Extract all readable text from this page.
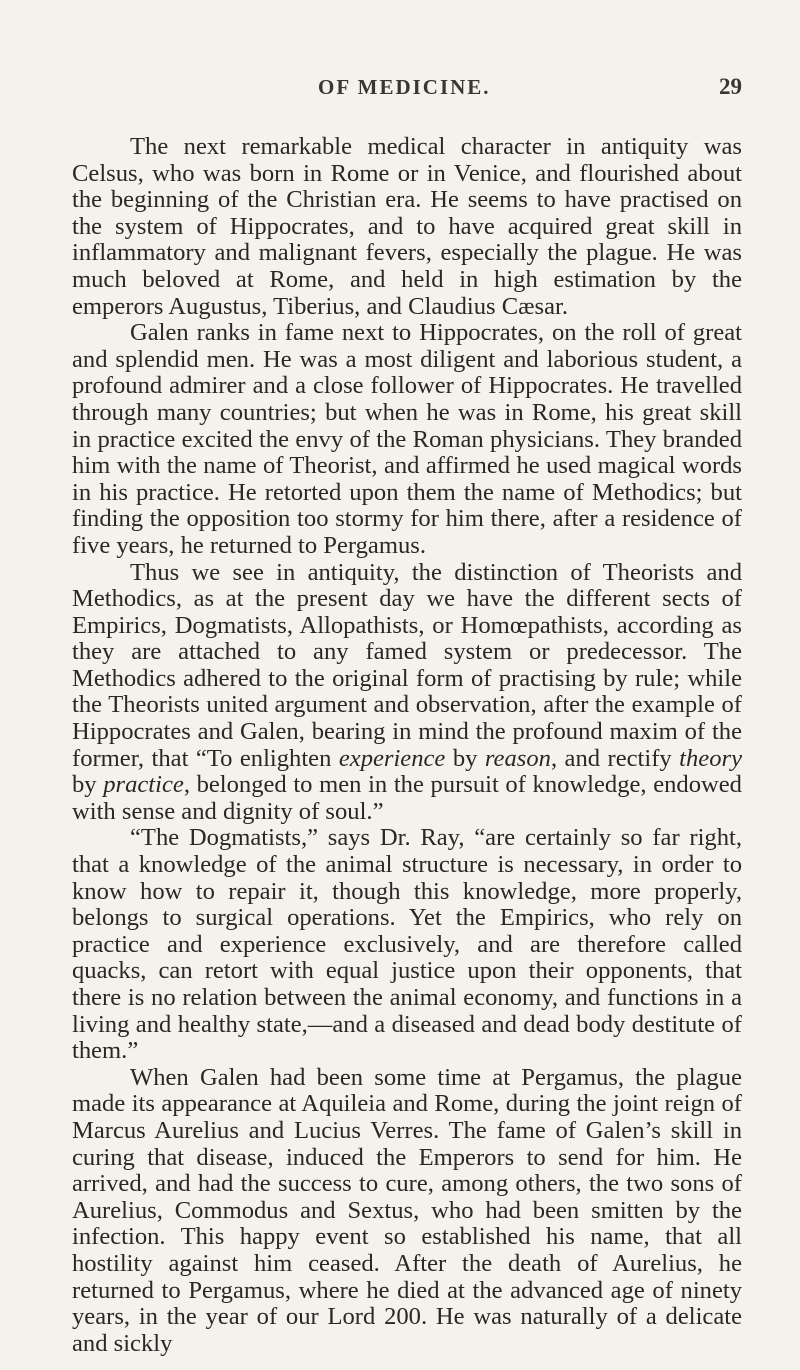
OF MEDICINE.	29

The next remarkable medical character in antiquity was Celsus, who was born in Rome or in Venice, and flourished about the beginning of the Christian era. He seems to have practised on the system of Hippocrates, and to have acquired great skill in inflammatory and malignant fevers, especially the plague. He was much beloved at Rome, and held in high estimation by the emperors Augustus, Tiberius, and Claudius Cæsar.

Galen ranks in fame next to Hippocrates, on the roll of great and splendid men. He was a most diligent and laborious student, a profound admirer and a close follower of Hippocrates. He travelled through many countries; but when he was in Rome, his great skill in practice excited the envy of the Roman physicians. They branded him with the name of Theorist, and affirmed he used magical words in his practice. He retorted upon them the name of Methodics; but finding the opposition too stormy for him there, after a residence of five years, he returned to Pergamus.

Thus we see in antiquity, the distinction of Theorists and Methodics, as at the present day we have the different sects of Empirics, Dogmatists, Allopathists, or Homœpathists, according as they are attached to any famed system or predecessor. The Methodics adhered to the original form of practising by rule; while the Theorists united argument and observation, after the example of Hippocrates and Galen, bearing in mind the profound maxim of the former, that “To enlighten experience by reason, and rectify theory by practice, belonged to men in the pursuit of knowledge, endowed with sense and dignity of soul.”

“The Dogmatists,” says Dr. Ray, “are certainly so far right, that a knowledge of the animal structure is necessary, in order to know how to repair it, though this knowledge, more properly, belongs to surgical operations. Yet the Empirics, who rely on practice and experience exclusively, and are therefore called quacks, can retort with equal justice upon their opponents, that there is no relation between the animal economy, and functions in a living and healthy state,—and a diseased and dead body destitute of them.”

When Galen had been some time at Pergamus, the plague made its appearance at Aquileia and Rome, during the joint reign of Marcus Aurelius and Lucius Verres. The fame of Galen’s skill in curing that disease, induced the Emperors to send for him. He arrived, and had the success to cure, among others, the two sons of Aurelius, Commodus and Sextus, who had been smitten by the infection. This happy event so established his name, that all hostility against him ceased. After the death of Aurelius, he returned to Pergamus, where he died at the advanced age of ninety years, in the year of our Lord 200. He was naturally of a delicate and sickly
